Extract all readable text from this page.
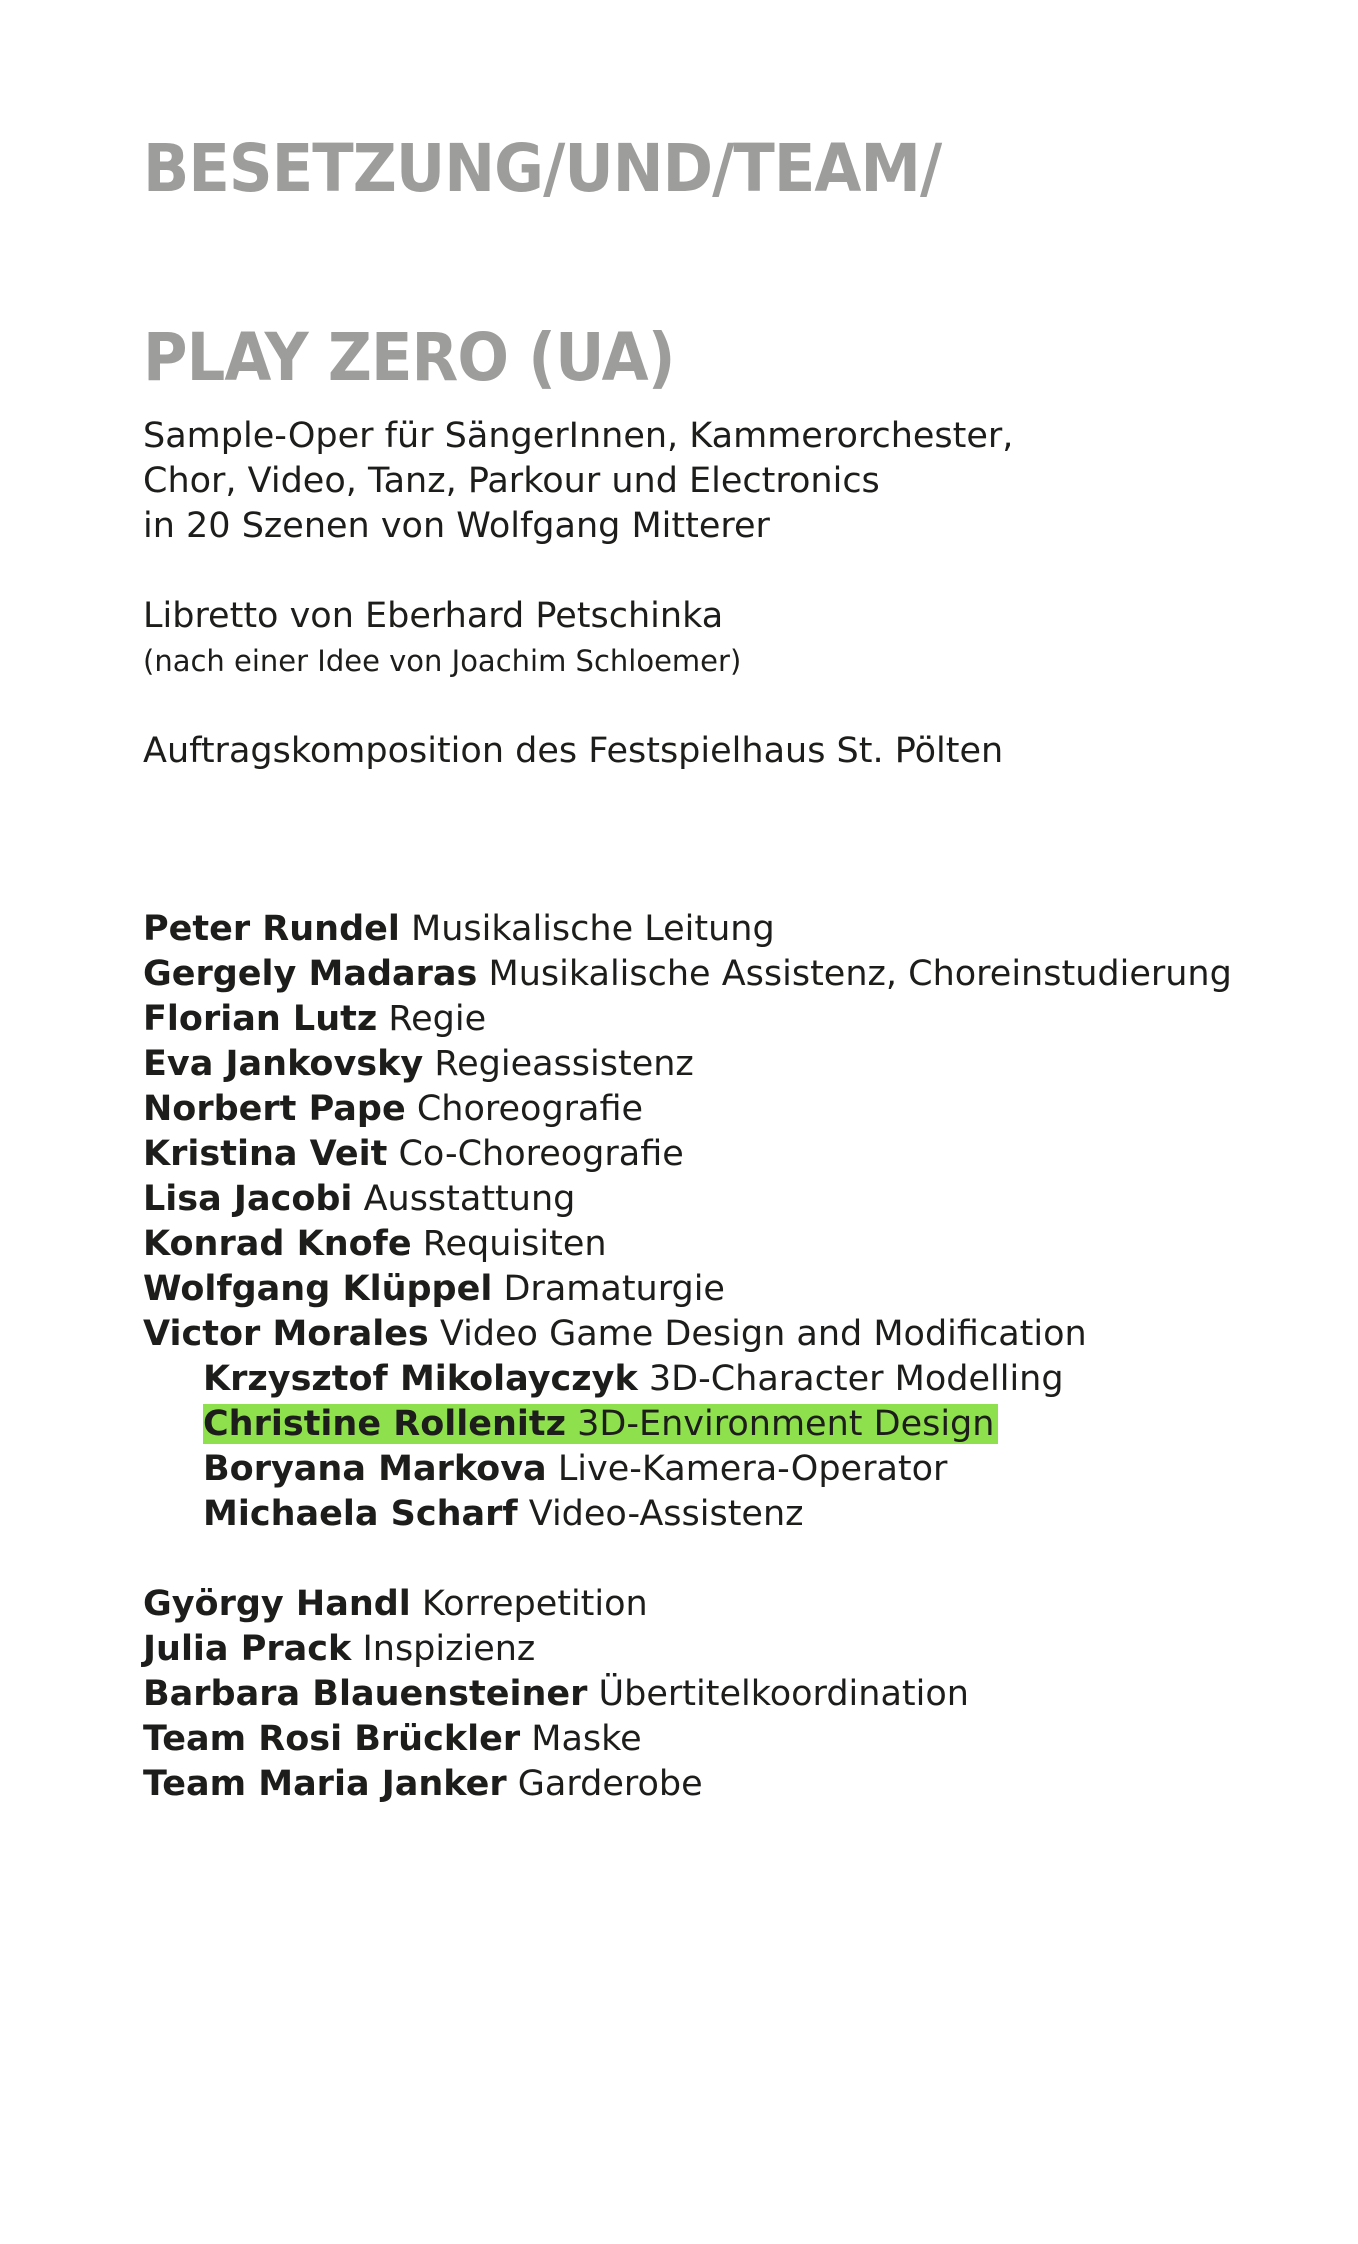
BESETZUNG/UND/TEAM/
PLAY ZERO (UA)

Sample-Oper für SängerInnen, Kammerorchester,

Chor, Video, Tanz, Parkour und Electronics

in 20 Szenen von Wolfgang Mitterer

Libretto von Eberhard Petschinka

(nach einer Idee von Joachim Schloemer)

Auftragskomposition des Festspielhaus St. Pölten

Peter Rundel Musikalische Leitung
Gergely Madaras Musikalische Assistenz, Choreinstudierung
Florian Lutz Regie
Eva Jankovsky Regieassistenz
Norbert Pape Choreografie
Kristina Veit Co-Choreografie
Lisa Jacobi Ausstattung
Konrad Knofe Requisiten
Wolfgang Klüppel Dramaturgie
Victor Morales Video Game Design and Modification
Krzysztof Mikolayczyk 3D-Character Modelling
Christine Rollenitz 3D-Environment Design
Boryana Markova Live-Kamera-Operator
Michaela Scharf Video-Assistenz
György Handl Korrepetition
Julia Prack Inspizienz
Barbara Blauensteiner Übertitelkoordination
Team Rosi Brückler Maske
Team Maria Janker Garderobe
